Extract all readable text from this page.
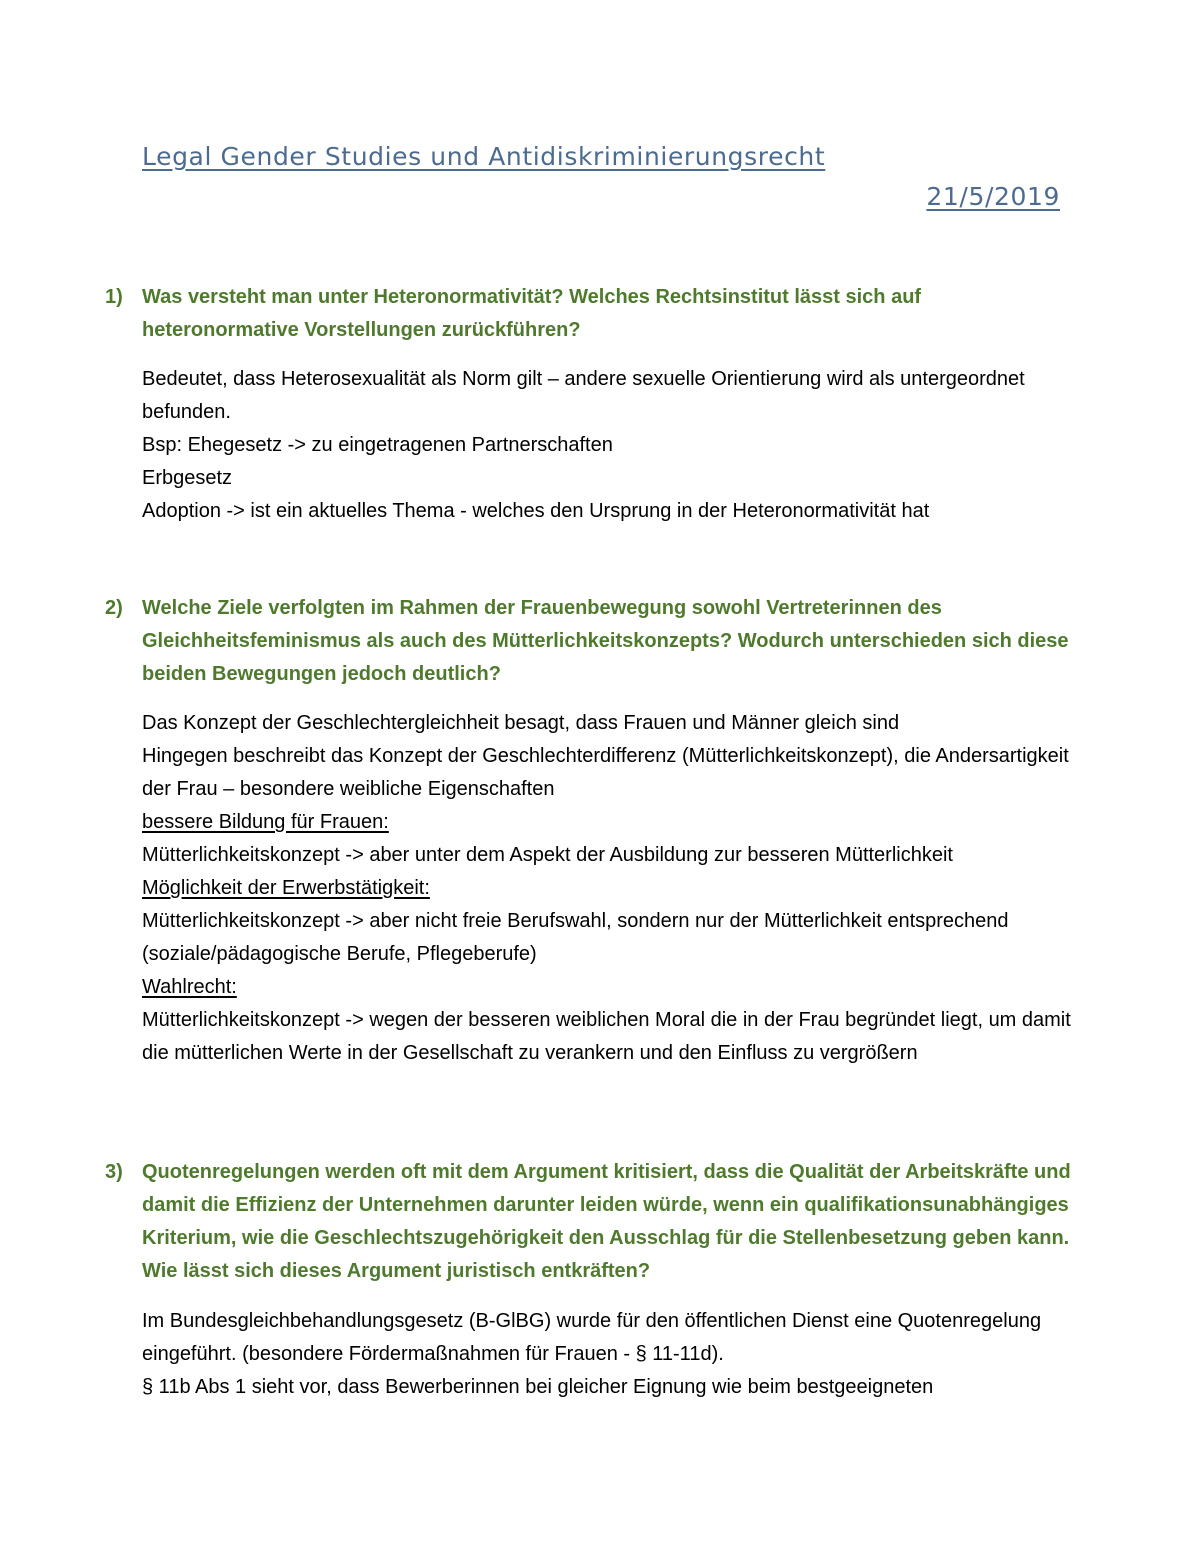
Legal Gender Studies und Antidiskriminierungsrecht
21/5/2019
1) Was versteht man unter Heteronormativität? Welches Rechtsinstitut lässt sich auf heteronormative Vorstellungen zurückführen?
Bedeutet, dass Heterosexualität als Norm gilt – andere sexuelle Orientierung wird als untergeordnet befunden.
Bsp: Ehegesetz -> zu eingetragenen Partnerschaften
Erbgesetz
Adoption -> ist ein aktuelles Thema - welches den Ursprung in der Heteronormativität hat
2) Welche Ziele verfolgten im Rahmen der Frauenbewegung sowohl Vertreterinnen des Gleichheitsfeminismus als auch des Mütterlichkeitskonzepts? Wodurch unterschieden sich diese beiden Bewegungen jedoch deutlich?
Das Konzept der Geschlechtergleichheit besagt, dass Frauen und Männer gleich sind
Hingegen beschreibt das Konzept der Geschlechterdifferenz (Mütterlichkeitskonzept), die Andersartigkeit der Frau – besondere weibliche Eigenschaften
bessere Bildung für Frauen:
Mütterlichkeitskonzept -> aber unter dem Aspekt der Ausbildung zur besseren Mütterlichkeit
Möglichkeit der Erwerbstätigkeit:
Mütterlichkeitskonzept -> aber nicht freie Berufswahl, sondern nur der Mütterlichkeit entsprechend (soziale/pädagogische Berufe, Pflegeberufe)
Wahlrecht:
Mütterlichkeitskonzept -> wegen der besseren weiblichen Moral die in der Frau begründet liegt, um damit die mütterlichen Werte in der Gesellschaft zu verankern und den Einfluss zu vergrößern
3) Quotenregelungen werden oft mit dem Argument kritisiert, dass die Qualität der Arbeitskräfte und damit die Effizienz der Unternehmen darunter leiden würde, wenn ein qualifikationsunabhängiges Kriterium, wie die Geschlechtszugehörigkeit den Ausschlag für die Stellenbesetzung geben kann. Wie lässt sich dieses Argument juristisch entkräften?
Im Bundesgleichbehandlungsgesetz (B-GlBG) wurde für den öffentlichen Dienst eine Quotenregelung eingeführt. (besondere Fördermaßnahmen für Frauen - § 11-11d).
§ 11b Abs 1 sieht vor, dass Bewerberinnen bei gleicher Eignung wie beim bestgeeigneten
